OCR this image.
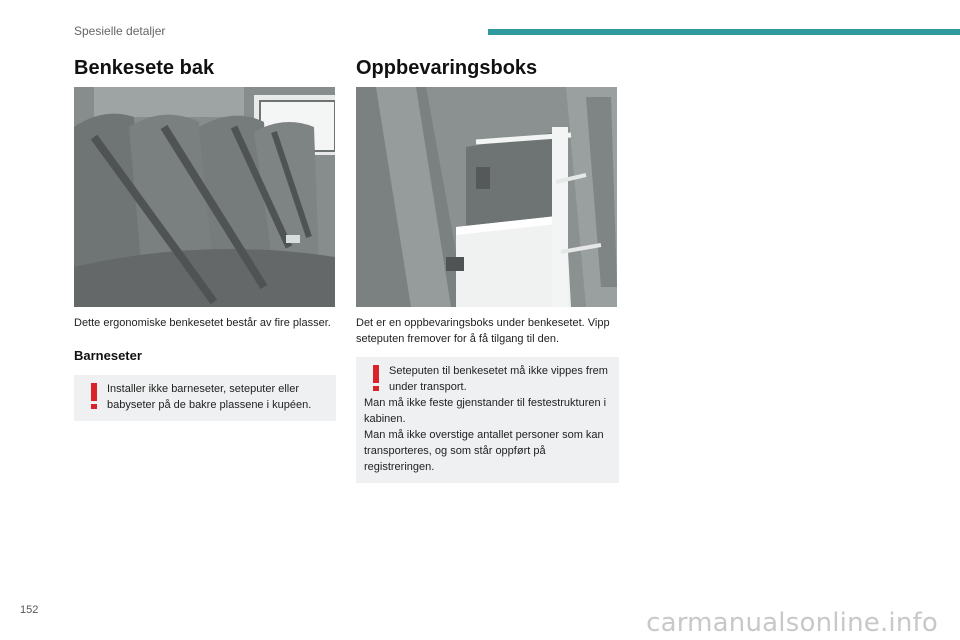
Spesielle detaljer
Benkesete bak
Dette ergonomiske benkesetet består av fire plasser.
Barneseter

Installer ikke barneseter, seteputer eller babyseter på de bakre plassene i kupéen.

Oppbevaringsboks
Det er en oppbevaringsboks under benkesetet. Vipp seteputen fremover for å få tilgang til den.

Seteputen til benkesetet må ikke vippes frem under transport.

Man må ikke feste gjenstander til festestrukturen i kabinen.

Man må ikke overstige antallet personer som kan transporteres, og som står oppført på registreringen.

152	carmanualsonline.info
